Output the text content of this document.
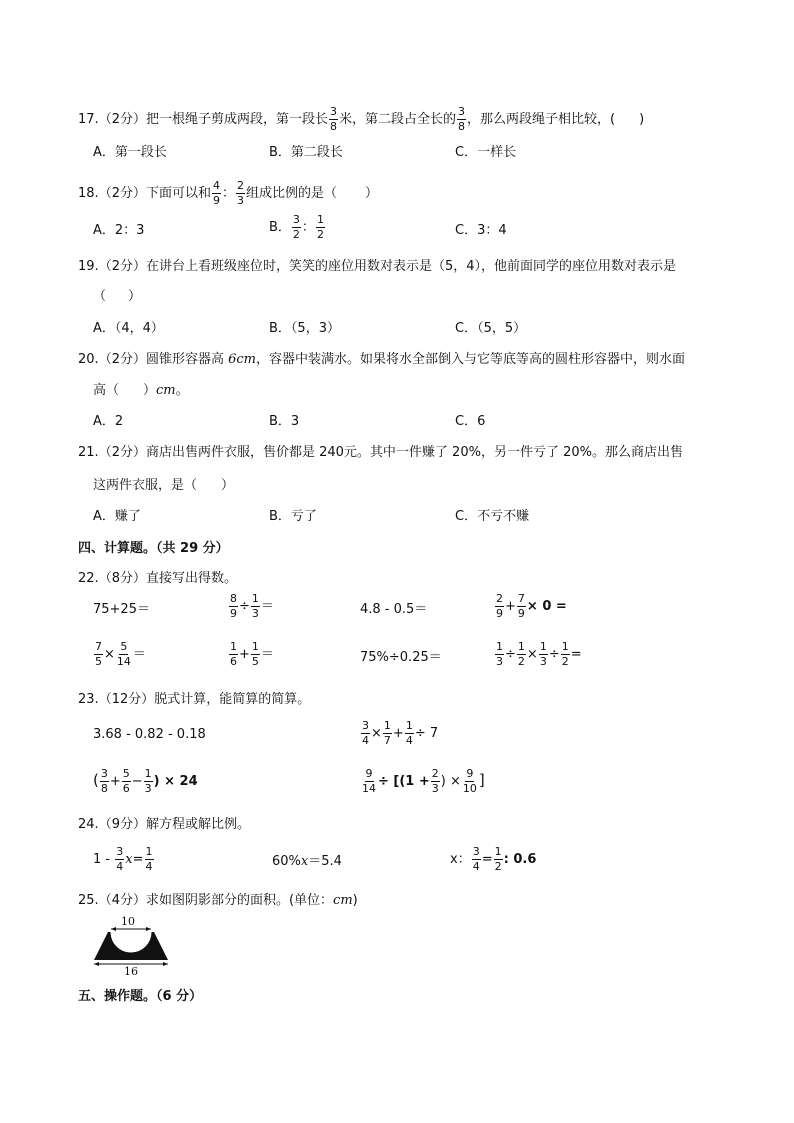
17.（2分）把一根绳子剪成两段，第一段长 $\frac{3}{8}$ 米，第二段占全长的 $\frac{3}{8}$ ，那么两段绳子相比较，( )
A．第一段长	B．第二段长	C．一样长
18.（2分）下面可以和 $\frac{4}{9}$ ： $\frac{2}{3}$ 组成比例的是（ ）
A．2：3	B． $\frac{3}{2}$ ： $\frac{1}{2}$	C．3：4
19.（2分）在讲台上看班级座位时，笑笑的座位用数对表示是（5，4），他前面同学的座位用数对表示是
（ ）
A．（4，4）	B．（5，3）	C．（5，5）
20.（2分）圆锥形容器高 6cm，容器中装满水。如果将水全部倒入与它等底等高的圆柱形容器中，则水面
高（ ）cm。
A．2	B．3	C．6
21.（2分）商店出售两件衣服，售价都是 240元。其中一件赚了 20%，另一件亏了 20%。那么商店出售
这两件衣服，是（ ）
A．赚了	B．亏了	C．不亏不赚
四、计算题。（共 29 分）
22.（8分）直接写出得数。
75+25＝	$\frac{8}{9} \div \frac{1}{3}$ ＝	4.8 - 0.5＝	$\frac{2}{9} + \frac{7}{9} \times 0$ =
$\frac{7}{5} \times \frac{5}{14}$ ＝	$\frac{1}{6} + \frac{1}{5}$ ＝	75%÷0.25＝	$\frac{1}{3} \div \frac{1}{2} \times \frac{1}{3} \div \frac{1}{2}$ =
23.（12分）脱式计算，能简算的简算。
3.68 - 0.82 - 0.18	$\frac{3}{4} \times \frac{1}{7} + \frac{1}{4} \div 7$
( $\frac{3}{8} + \frac{5}{6} - \frac{1}{3}$ ) × 24	$\frac{9}{14} \div [(1 + \frac{2}{3}$ ) × $\frac{9}{10}$ ]
24.（9分）解方程或解比例。
$1 - \frac{3}{4} x= \frac{1}{4}$	60%x＝5.4	x： $\frac{3}{4} = \frac{1}{2}$ : 0.6
25.（4分）求如图阴影部分的面积。(单位：cm)
10
16
五、操作题。（6 分）
